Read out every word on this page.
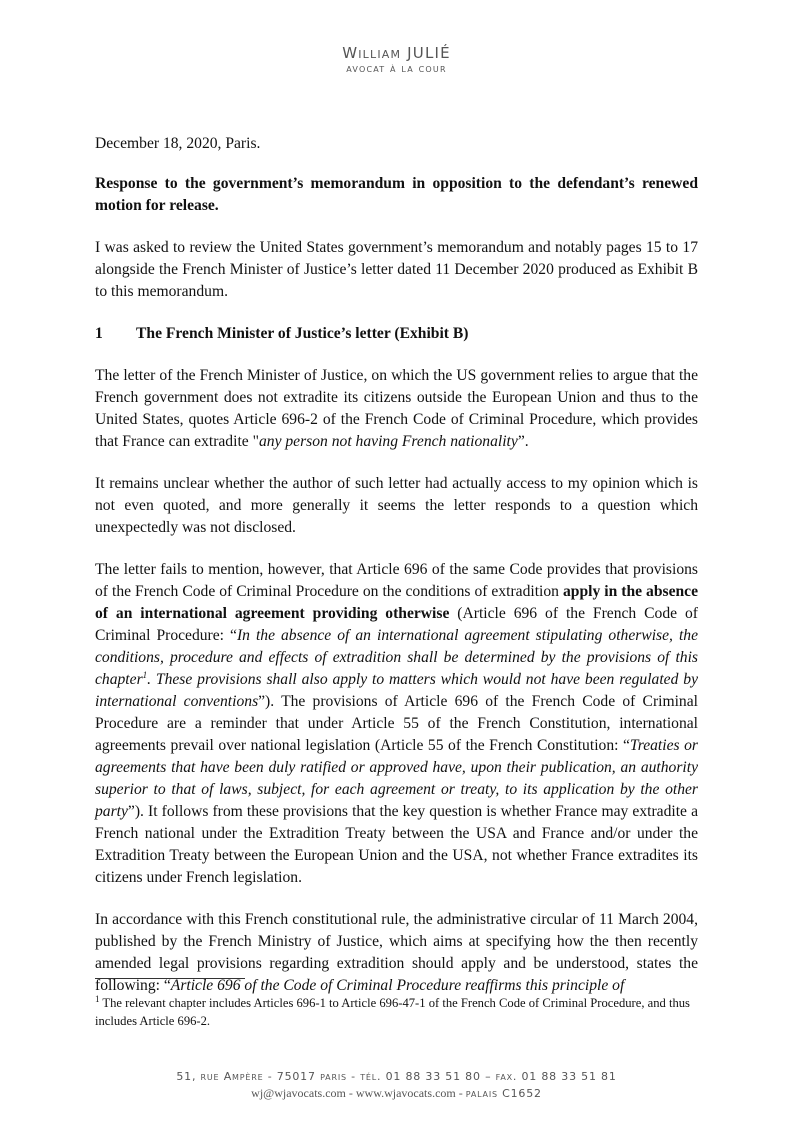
William JULIÉ
avocat à la cour

December 18, 2020, Paris.

Response to the government’s memorandum in opposition to the defendant’s renewed motion for release.

I was asked to review the United States government’s memorandum and notably pages 15 to 17 alongside the French Minister of Justice’s letter dated 11 December 2020 produced as Exhibit B to this memorandum.

1	The French Minister of Justice’s letter (Exhibit B)

The letter of the French Minister of Justice, on which the US government relies to argue that the French government does not extradite its citizens outside the European Union and thus to the United States, quotes Article 696-2 of the French Code of Criminal Procedure, which provides that France can extradite "any person not having French nationality”.

It remains unclear whether the author of such letter had actually access to my opinion which is not even quoted, and more generally it seems the letter responds to a question which unexpectedly was not disclosed.

The letter fails to mention, however, that Article 696 of the same Code provides that provisions of the French Code of Criminal Procedure on the conditions of extradition apply in the absence of an international agreement providing otherwise (Article 696 of the French Code of Criminal Procedure: “In the absence of an international agreement stipulating otherwise, the conditions, procedure and effects of extradition shall be determined by the provisions of this chapter$^1$. These provisions shall also apply to matters which would not have been regulated by international conventions”). The provisions of Article 696 of the French Code of Criminal Procedure are a reminder that under Article 55 of the French Constitution, international agreements prevail over national legislation (Article 55 of the French Constitution: “Treaties or agreements that have been duly ratified or approved have, upon their publication, an authority superior to that of laws, subject, for each agreement or treaty, to its application by the other party”). It follows from these provisions that the key question is whether France may extradite a French national under the Extradition Treaty between the USA and France and/or under the Extradition Treaty between the European Union and the USA, not whether France extradites its citizens under French legislation.

In accordance with this French constitutional rule, the administrative circular of 11 March 2004, published by the French Ministry of Justice, which aims at specifying how the then recently amended legal provisions regarding extradition should apply and be understood, states the following: “Article 696 of the Code of Criminal Procedure reaffirms this principle of

$^1$ The relevant chapter includes Articles 696-1 to Article 696-47-1 of the French Code of Criminal Procedure, and thus includes Article 696-2.
51, rue Ampère - 75017 paris - tél. 01 88 33 51 80 – fax. 01 88 33 51 81
wj@wjavocats.com - www.wjavocats.com - palais C1652
